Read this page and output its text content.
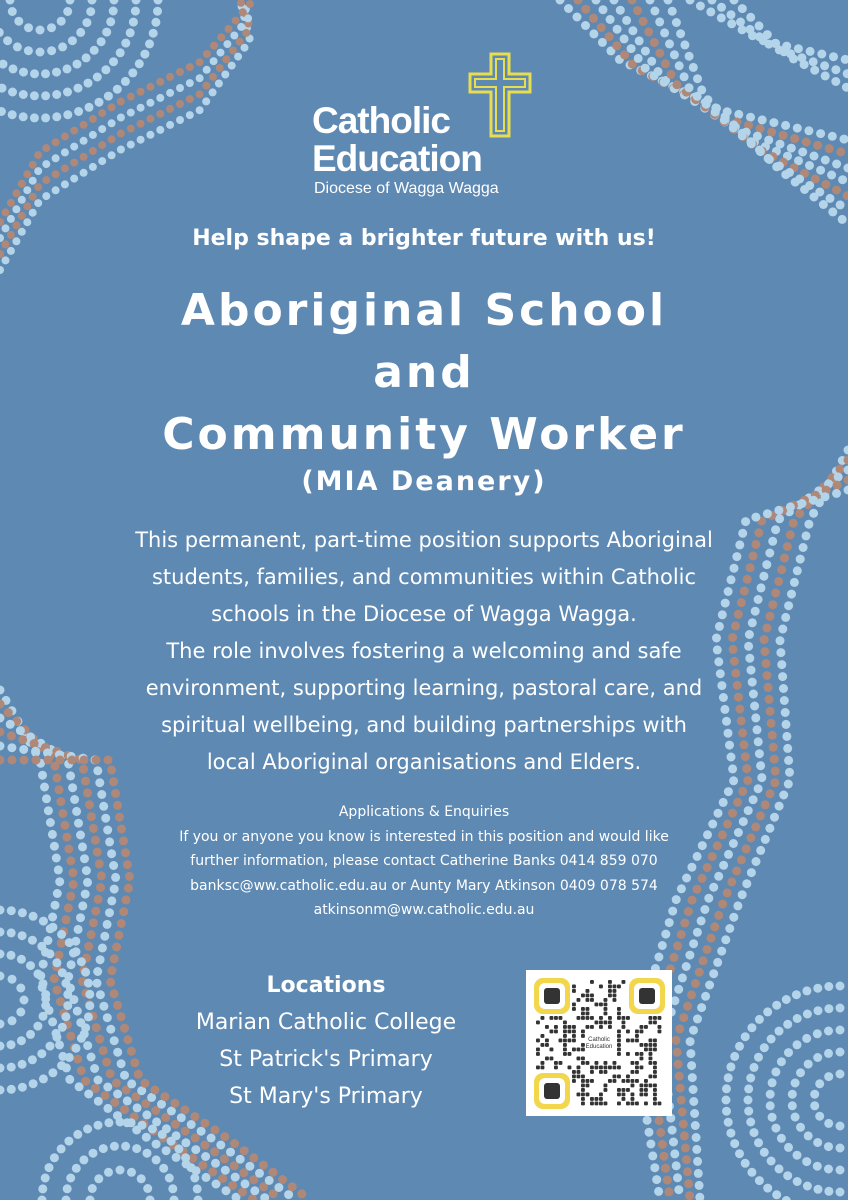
Catholic
Education
Diocese of Wagga Wagga
Help shape a brighter future with us!
Aboriginal School
and
Community Worker
(MIA Deanery)

This permanent, part-time position supports Aboriginal

students, families, and communities within Catholic

schools in the Diocese of Wagga Wagga.

The role involves fostering a welcoming and safe

environment, supporting learning, pastoral care, and

spiritual wellbeing, and building partnerships with

local Aboriginal organisations and Elders.

Applications & Enquiries
If you or anyone you know is interested in this position and would like
further information, please contact Catherine Banks 0414 859 070
banksc@ww.catholic.edu.au or Aunty Mary Atkinson 0409 078 574
atkinsonm@ww.catholic.edu.au
Locations
Marian Catholic College
St Patrick's Primary
St Mary's Primary
Catholic
Education
